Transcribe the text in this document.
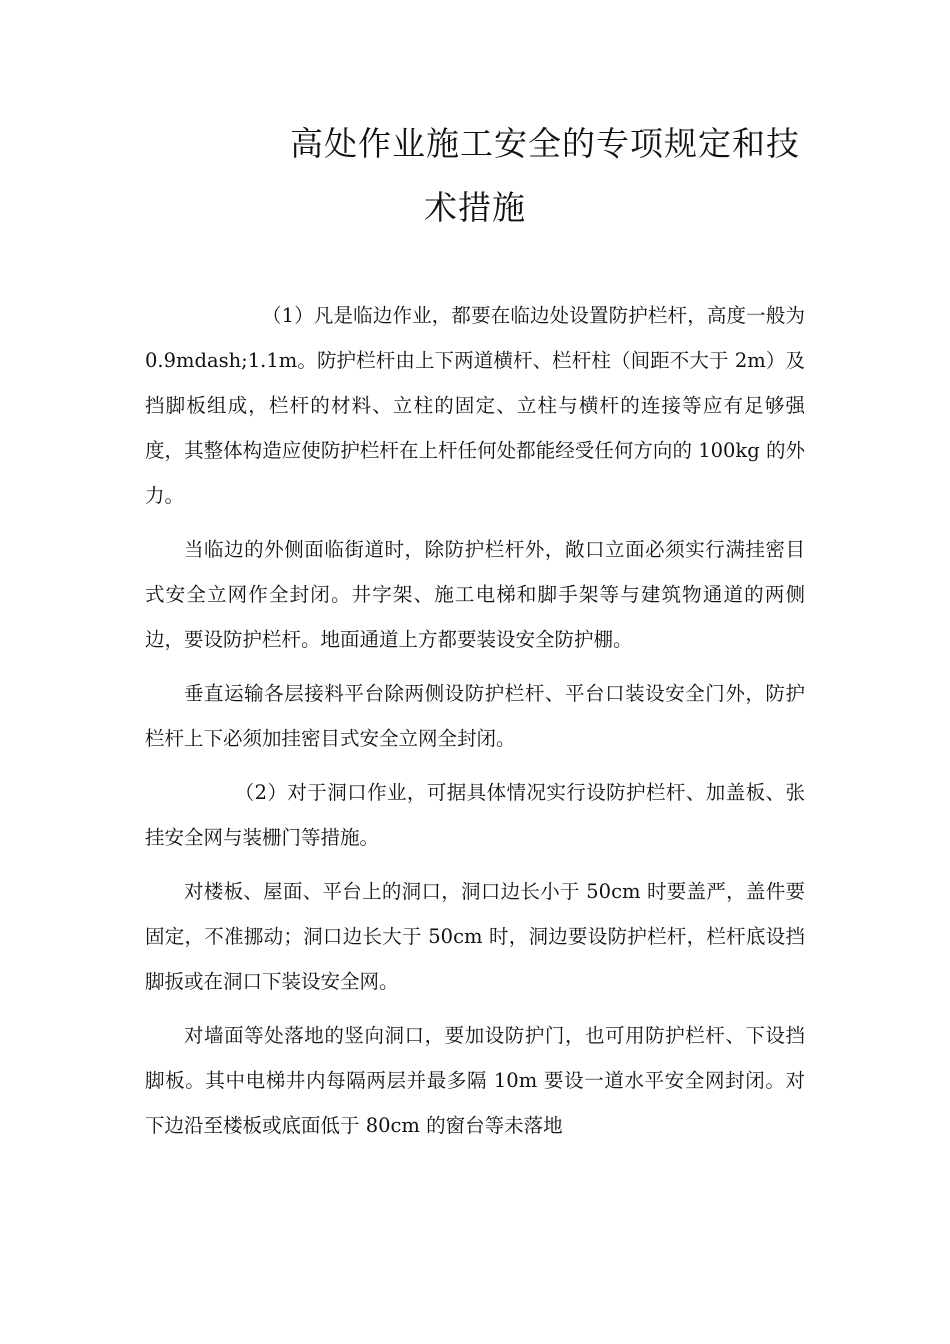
高处作业施工安全的专项规定和技术措施

（1）凡是临边作业，都要在临边处设置防护栏杆，高度一般为 0.9mdash;1.1m。防护栏杆由上下两道横杆、栏杆柱（间距不大于 2m）及挡脚板组成，栏杆的材料、立柱的固定、立柱与横杆的连接等应有足够强度，其整体构造应使防护栏杆在上杆任何处都能经受任何方向的 100kg 的外力。

当临边的外侧面临街道时，除防护栏杆外，敞口立面必须实行满挂密目式安全立网作全封闭。井字架、施工电梯和脚手架等与建筑物通道的两侧边，要设防护栏杆。地面通道上方都要装设安全防护棚。

垂直运输各层接料平台除两侧设防护栏杆、平台口装设安全门外，防护栏杆上下必须加挂密目式安全立网全封闭。

（2）对于洞口作业，可据具体情况实行设防护栏杆、加盖板、张挂安全网与装栅门等措施。

对楼板、屋面、平台上的洞口，洞口边长小于 50cm 时要盖严，盖件要固定，不准挪动；洞口边长大于 50cm 时，洞边要设防护栏杆，栏杆底设挡脚扳或在洞口下装设安全网。

对墙面等处落地的竖向洞口，要加设防护门，也可用防护栏杆、下设挡脚板。其中电梯井内每隔两层并最多隔 10m 要设一道水平安全网封闭。对下边沿至楼板或底面低于 80cm 的窗台等未落地
